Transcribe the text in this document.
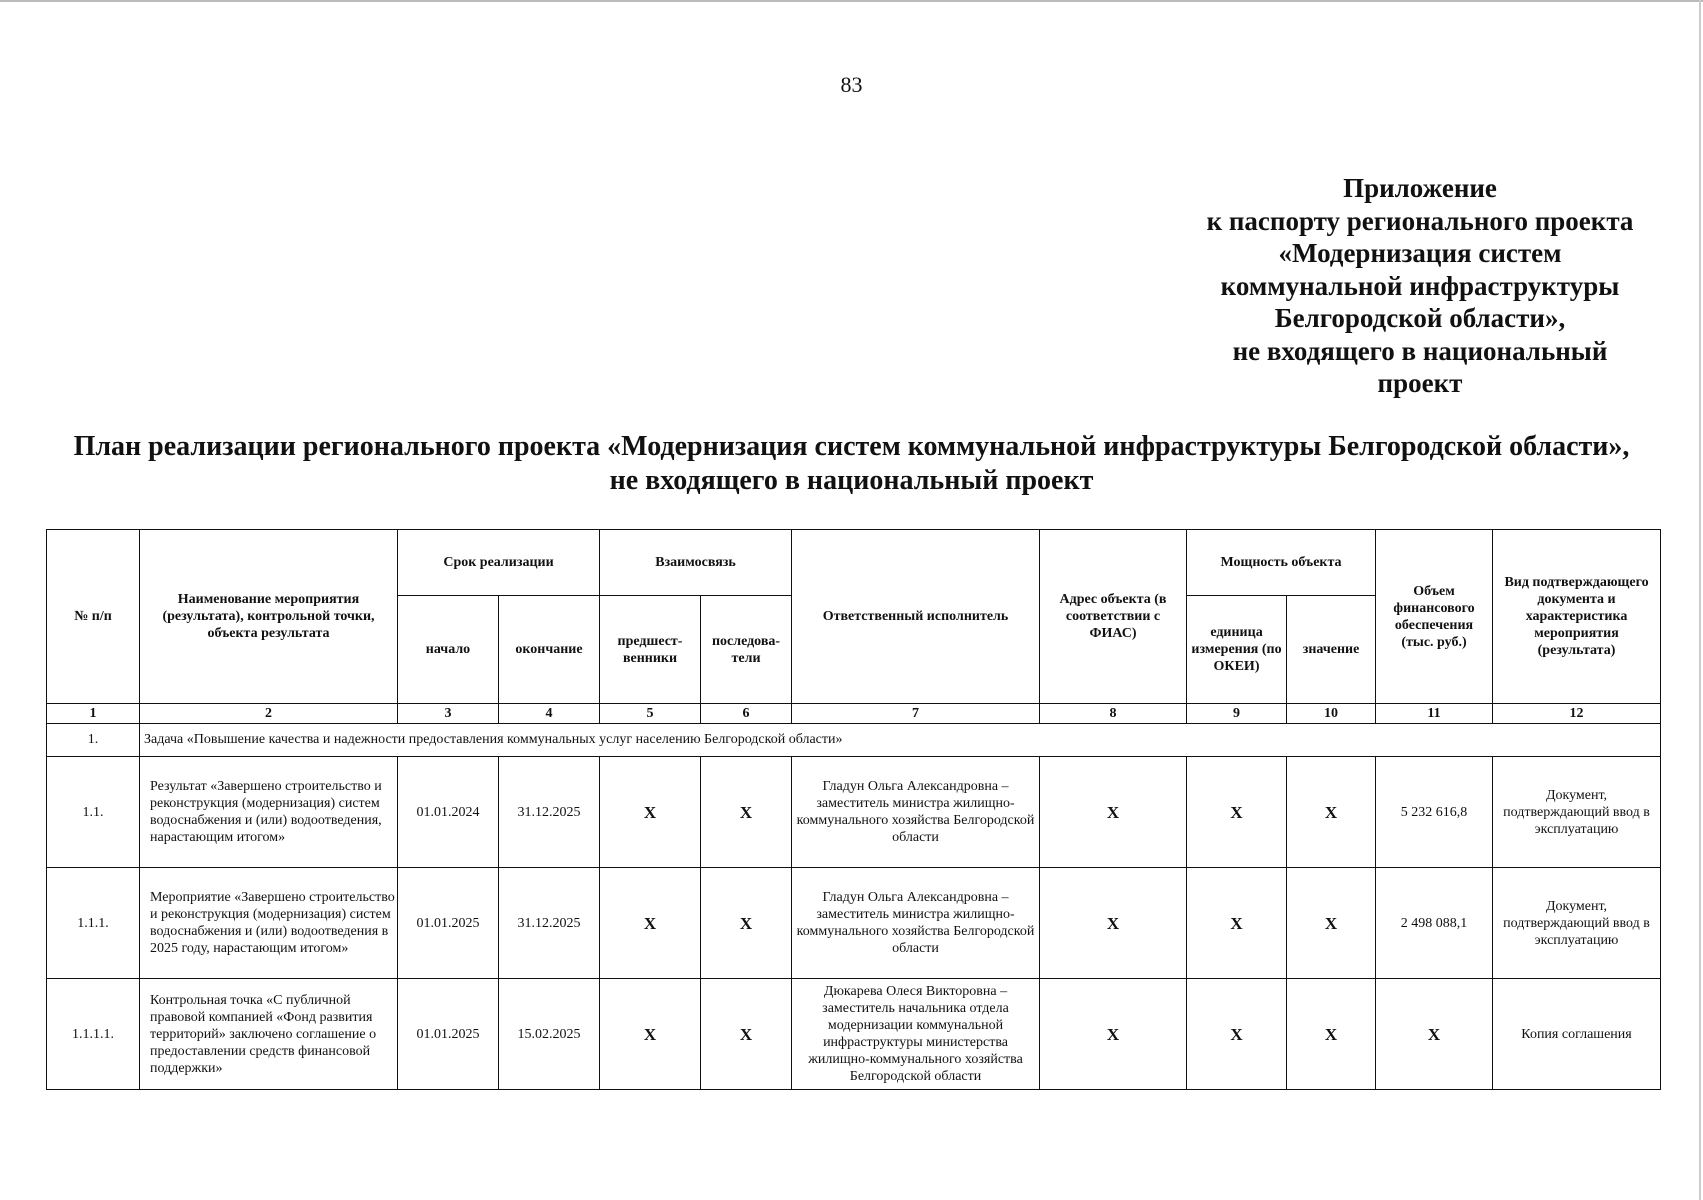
83
Приложение
к паспорту регионального проекта
«Модернизация систем
коммунальной инфраструктуры
Белгородской области»,
не входящего в национальный
проект
План реализации регионального проекта «Модернизация систем коммунальной инфраструктуры Белгородской области»,
не входящего в национальный проект
№ п/п	Наименование мероприятия (результата), контрольной точки, объекта результата	Срок реализации		Взаимосвязь		Ответственный исполнитель	Адрес объекта (в соответствии с ФИАС)	Мощность объекта		Объем финансового обеспечения (тыс. руб.)	Вид подтверждающего документа и характеристика мероприятия (результата)
		начало	окончание	предшест-венники	последова-тели			единица измерения (по ОКЕИ)	значение		
1	2	3	4	5	6	7	8	9	10	11	12
1.	Задача «Повышение качества и надежности предоставления коммунальных услуг населению Белгородской области»										
1.1.	Результат «Завершено строительство и реконструкция (модернизация) систем водоснабжения и (или) водоотведения, нарастающим итогом»	01.01.2024	31.12.2025	X	X	Гладун Ольга Александровна – заместитель министра жилищно-коммунального хозяйства Белгородской области	X	X	X	5 232 616,8	Документ, подтверждающий ввод в эксплуатацию
1.1.1.	Мероприятие «Завершено строительство и реконструкция (модернизация) систем водоснабжения и (или) водоотведения в 2025 году, нарастающим итогом»	01.01.2025	31.12.2025	X	X	Гладун Ольга Александровна – заместитель министра жилищно-коммунального хозяйства Белгородской области	X	X	X	2 498 088,1	Документ, подтверждающий ввод в эксплуатацию
1.1.1.1.	Контрольная точка «С публичной правовой компанией «Фонд развития территорий» заключено соглашение о предоставлении средств финансовой поддержки»	01.01.2025	15.02.2025	X	X	Дюкарева Олеся Викторовна – заместитель начальника отдела модернизации коммунальной инфраструктуры министерства жилищно-коммунального хозяйства Белгородской области	X	X	X	X	Копия соглашения
